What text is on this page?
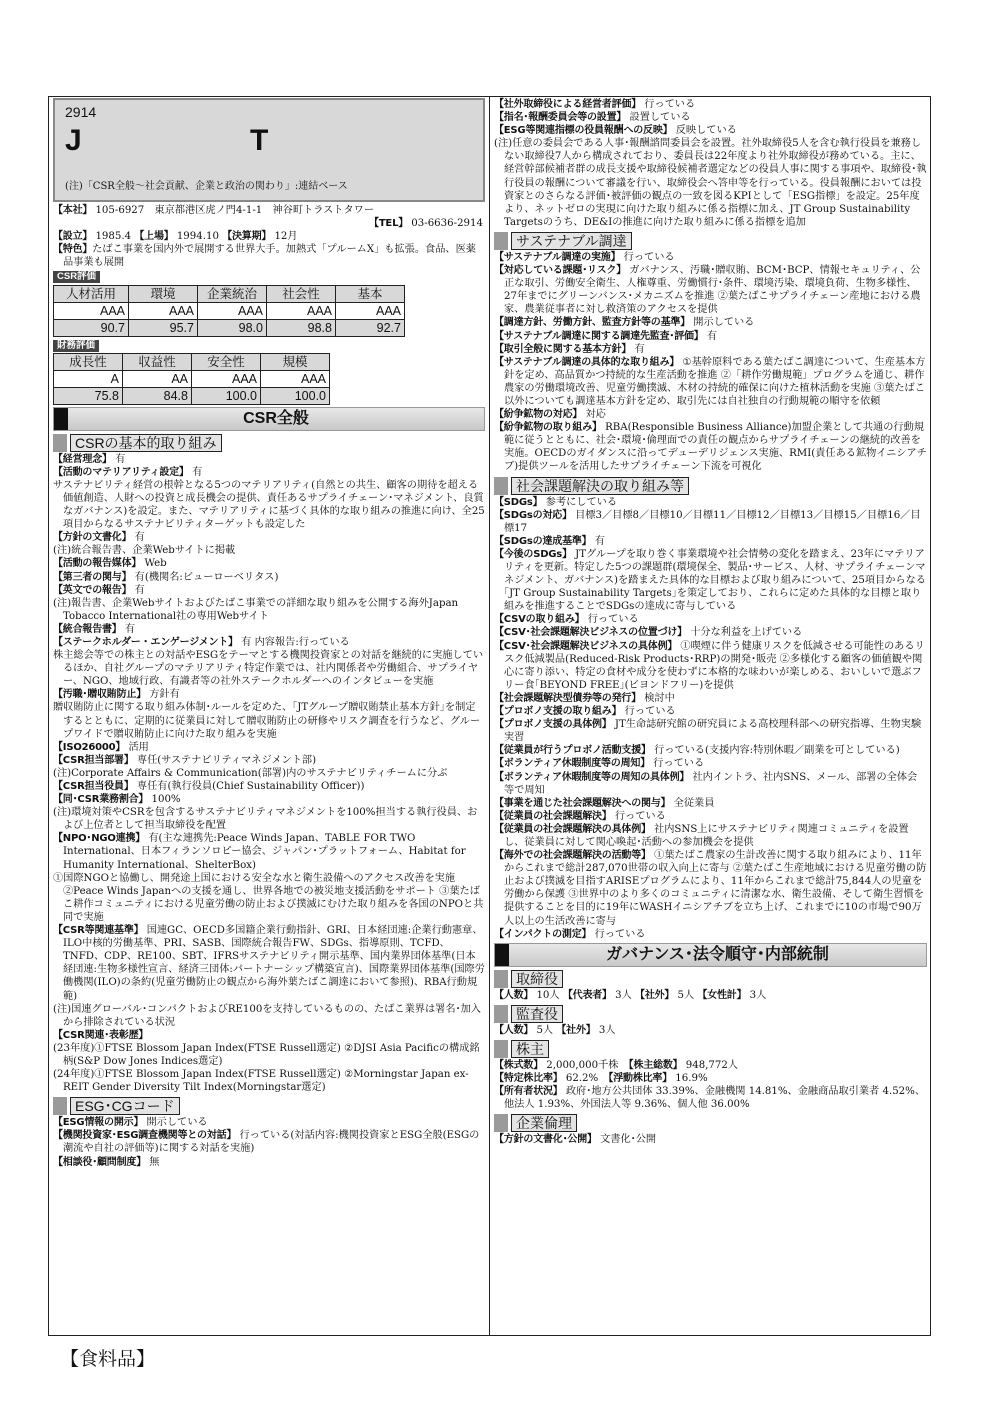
2914
J T
(注)「CSR全般～社会貢献、企業と政治の関わり」:連結ベース

【本社】 105-6927　東京都港区虎ノ門4-1-1　神谷町トラストタワー

【TEL】 03-6636-2914

【設立】 1985.4 【上場】 1994.10 【決算期】 12月

【特色】たばこ事業を国内外で展開する世界大手。加熱式「プルームX」も拡張。食品、医薬品事業も展開

CSR評価
人材活用	環境	企業統治	社会性	基本
AAA	AAA	AAA	AAA	AAA
90.7	95.7	98.0	98.8	92.7
財務評価
成長性	収益性	安全性	規模
A	AA	AAA	AAA
75.8	84.8	100.0	100.0
CSR全般
CSRの基本的取り組み

【経営理念】 有

【活動のマテリアリティ設定】 有

サステナビリティ経営の根幹となる5つのマテリアリティ(自然との共生、顧客の期待を超える価値創造、人財への投資と成長機会の提供、責任あるサプライチェーン･マネジメント、良質なガバナンス)を設定。また、マテリアリティに基づく具体的な取り組みの推進に向け、全25項目からなるサステナビリティターゲットも設定した

【方針の文書化】 有

(注)統合報告書、企業Webサイトに掲載

【活動の報告媒体】 Web

【第三者の関与】 有(機関名:ビューローベリタス)

【英文での報告】 有

(注)報告書、企業Webサイトおよびたばこ事業での詳細な取り組みを公開する海外Japan Tobacco International社の専用Webサイト

【統合報告書】 有

【ステークホルダー・エンゲージメント】 有 内容報告:行っている

株主総会等での株主との対話やESGをテーマとする機関投資家との対話を継続的に実施しているほか、自社グループのマテリアリティ特定作業では、社内関係者や労働組合、サプライヤー、NGO、地域行政、有識者等の社外ステークホルダーへのインタビューを実施

【汚職･贈収賄防止】 方針有

贈収賄防止に関する取り組み体制･ルールを定めた、｢JTグループ贈収賄禁止基本方針｣を制定するとともに、定期的に従業員に対して贈収賄防止の研修やリスク調査を行うなど、グループワイドで贈収賄防止に向けた取り組みを実施

【ISO26000】 活用

【CSR担当部署】 専任(サステナビリティマネジメント部)

(注)Corporate Affairs & Communication(部署)内のサステナビリティチームに分ぶ

【CSR担当役員】 専任有(執行役員(Chief Sustainability Officer))

【同･CSR業務割合】 100%

(注)環境対策やCSRを包含するサステナビリティマネジメントを100%担当する執行役員、および上位者として担当取締役を配置

【NPO･NGO連携】 有(主な連携先:Peace Winds Japan、TABLE FOR TWO International、日本フィランソロピー協会、ジャパン･プラットフォーム、Habitat for Humanity International、ShelterBox)

①国際NGOと協働し、開発途上国における安全な水と衛生設備へのアクセス改善を実施 ②Peace Winds Japanへの支援を通し、世界各地での被災地支援活動をサポート ③葉たばこ耕作コミュニティにおける児童労働の防止および撲滅にむけた取り組みを各国のNPOと共同で実施

【CSR等関連基準】 国連GC、OECD多国籍企業行動指針、GRI、日本経団連:企業行動憲章、ILO中核的労働基準、PRI、SASB、国際統合報告FW、SDGs、指導原則、TCFD、TNFD、CDP、RE100、SBT、IFRSサステナビリティ開示基準、国内業界団体基準(日本経団連:生物多様性宣言、経済三団体:パートナーシップ構築宣言)、国際業界団体基準(国際労働機関(ILO)の条約(児童労働防止の観点から海外葉たばこ調達において参照)、RBA行動規範)

(注)国連グローバル･コンパクトおよびRE100を支持しているものの、たばこ業界は署名･加入から排除されている状況

【CSR関連･表彰歴】

(23年度)①FTSE Blossom Japan Index(FTSE Russell選定) ②DJSI Asia Pacificの構成銘柄(S&P Dow Jones Indices選定)

(24年度)①FTSE Blossom Japan Index(FTSE Russell選定) ②Morningstar Japan ex-REIT Gender Diversity Tilt Index(Morningstar選定)

ESG･CGコード

【ESG情報の開示】 開示している

【機関投資家･ESG調査機関等との対話】 行っている(対話内容:機関投資家とESG全般(ESGの潮流や自社の評価等)に関する対話を実施)

【相談役･顧問制度】 無

【社外取締役による経営者評価】 行っている

【指名･報酬委員会等の設置】 設置している

【ESG等関連指標の役員報酬への反映】 反映している

(注)任意の委員会である人事･報酬諮問委員会を設置。社外取締役5人を含む執行役員を兼務しない取締役7人から構成されており、委員長は22年度より社外取締役が務めている。主に、経営幹部候補者群の成長支援や取締役候補者選定などの役員人事に関する事項や、取締役･執行役員の報酬について審議を行い、取締役会へ答申等を行っている。役員報酬においては投資家とのさらなる評価･被評価の観点の一致を図るKPIとして「ESG指標」を設定。25年度より、ネットゼロの実現に向けた取り組みに係る指標に加え、JT Group Sustainability Targetsのうち、DE&Iの推進に向けた取り組みに係る指標を追加

サステナブル調達

【サステナブル調達の実施】 行っている

【対応している課題･リスク】 ガバナンス、汚職･贈収賄、BCM･BCP、情報セキュリティ、公正な取引、労働安全衛生、人権尊重、労働慣行･条件、環境汚染、環境負荷、生物多様性、27年までにグリーンバンス･メカニズムを推進 ②葉たばこサプライチェーン産地における農家、農業従事者に対し救済策のアクセスを提供

【調達方針、労働方針、監査方針等の基準】 開示している

【サステナブル調達に関する調達先監査･評価】 有

【取引全般に関する基本方針】 有

【サステナブル調達の具体的な取り組み】 ①基幹原料である葉たばこ調達について、生産基本方針を定め、高品質かつ持続的な生産活動を推進 ②「耕作労働規範」プログラムを通じ、耕作農家の労働環境改善、児童労働撲滅、木材の持続的確保に向けた植林活動を実施 ③葉たばこ以外についても調達基本方針を定め、取引先には自社独自の行動規範の順守を依頼

【紛争鉱物の対応】 対応

【紛争鉱物の取り組み】 RBA(Responsible Business Alliance)加盟企業として共通の行動規範に従うとともに、社会･環境･倫理面での責任の観点からサプライチェーンの継続的改善を実施。OECDのガイダンスに沿ってデューデリジェンス実施、RMI(責任ある鉱物イニシアチブ)提供ツールを活用したサプライチェーン下流を可視化

社会課題解決の取り組み等

【SDGs】 参考にしている

【SDGsの対応】 目標3／目標8／目標10／目標11／目標12／目標13／目標15／目標16／目標17

【SDGsの達成基準】 有

【今後のSDGs】 JTグループを取り巻く事業環境や社会情勢の変化を踏まえ、23年にマテリアリティを更新。特定した5つの課題群(環境保全、製品･サービス、人材、サプライチェーンマネジメント、ガバナンス)を踏まえた具体的な目標および取り組みについて、25項目からなる｢JT Group Sustainability Targets｣を策定しており、これらに定めた具体的な目標と取り組みを推進することでSDGsの達成に寄与している

【CSVの取り組み】 行っている

【CSV･社会課題解決ビジネスの位置づけ】 十分な利益を上げている

【CSV･社会課題解決ビジネスの具体例】 ①喫煙に伴う健康リスクを低減させる可能性のあるリスク低減製品(Reduced-Risk Products･RRP)の開発･販売 ②多様化する顧客の価値観や関心に寄り添い、特定の食材や成分を使わずに本格的な味わいが楽しめる、おいしいで選ぶフリー食｢BEYOND FREE｣(ビヨンドフリー)を提供

【社会課題解決型債券等の発行】 検討中

【プロボノ支援の取り組み】 行っている

【プロボノ支援の具体例】 JT生命誌研究館の研究員による高校理科部への研究指導、生物実験実習

【従業員が行うプロボノ活動支援】 行っている(支援内容:特別休暇／副業を可としている)

【ボランティア休暇制度等の周知】 行っている

【ボランティア休暇制度等の周知の具体例】 社内イントラ、社内SNS、メール、部署の全体会等で周知

【事業を通じた社会課題解決への関与】 全従業員

【従業員の社会課題解決】 行っている

【従業員の社会課題解決の具体例】 社内SNS上にサステナビリティ関連コミュニティを設置し、従業員に対して関心喚起･活動への参加機会を提供

【海外での社会課題解決の活動等】 ①葉たばこ農家の生計改善に関する取り組みにより、11年からこれまで総計287,070世帯の収入向上に寄与 ②葉たばこ生産地域における児童労働の防止および撲滅を目指すARISEプログラムにより、11年からこれまで総計75,844人の児童を労働から保護 ③世界中のより多くのコミュニティに清潔な水、衛生設備、そして衛生習慣を提供することを目的に19年にWASHイニシアチブを立ち上げ、これまでに10の市場で90万人以上の生活改善に寄与

【インパクトの測定】 行っている

ガバナンス･法令順守･内部統制
取締役

【人数】 10人 【代表者】 3人 【社外】 5人 【女性計】 3人

監査役

【人数】 5人 【社外】 3人

株主

【株式数】 2,000,000千株　【株主総数】 948,772人

【特定株比率】 62.2%　【浮動株比率】 16.9%

【所有者状況】 政府･地方公共団体 33.39%、金融機関 14.81%、金融商品取引業者 4.52%、他法人 1.93%、外国法人等 9.36%、個人他 36.00%

企業倫理

【方針の文書化･公開】 文書化･公開

【食料品】
